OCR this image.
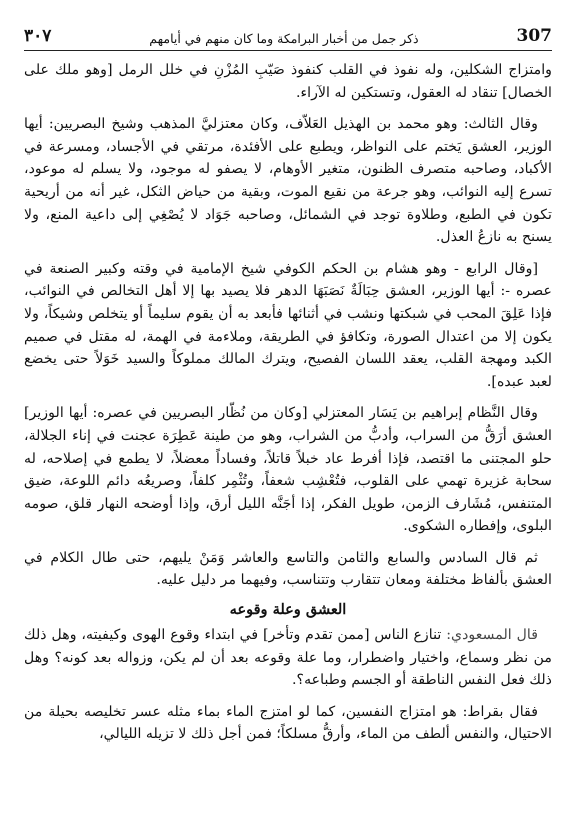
307
ذكر جمل من أخبار البرامكة وما كان منهم في أيامهم
٣٠٧

وامتزاج الشكلين، وله نفوذ في القلب كنفوذ صَيّبِ المُزْنِ في خلل الرمل [وهو ملك على الخصال] تنقاد له العقول، وتستكين له الآراء.

وقال الثالث: وهو محمد بن الهذيل العَلاّف، وكان معتزليَّ المذهب وشيخ البصريين: أيها الوزير، العشق يَختم على النواظر، ويطبع على الأفئدة، مرتقي في الأجساد، ومسرعة في الأكباد، وصاحبه متصرف الظنون، متغير الأوهام، لا يصفو له موجود، ولا يسلم له موعود، تسرع إليه النوائب، وهو جرعة من نقيع الموت، وبقية من حياض الثكل، غير أنه من أريحية تكون في الطبع، وطلاوة توجد في الشمائل، وصاحبه جَوَاد لا يُصْغِي إلى داعية المنع، ولا يسنح به نازعُ العذل.

[وقال الرابع - وهو هشام بن الحكم الكوفي شيخ الإمامية في وقته وكبير الصنعة في عصره -: أيها الوزير، العشق حِبَالَةٌ نَصَبَهَا الدهر فلا يصيد بها إلا أهل التخالص في النوائب، فإذا عَلِقَ المحب في شبكتها ونشب في أثنائها فأبعد به أن يقوم سليماً أو يتخلص وشيكاً، ولا يكون إلا من اعتدال الصورة، وتكافؤ في الطريقة، وملاءمة في الهمة، له مقتل في صميم الكبد ومهجة القلب، يعقد اللسان الفصيح، ويترك المالك مملوكاً والسيد خَوَلاً حتى يخضع لعبد عبده].

وقال النَّظام إبراهيم بن يَسَار المعتزلي [وكان من نُظّار البصريين في عصره: أيها الوزير] العشق أرَقُّ من السراب، وأدبُّ من الشراب، وهو من طينة عَطِرَة عجنت في إناء الجلالة، حلو المجتنى ما اقتصد، فإذا أفرط عاد خبلاً قاتلاً، وفساداً معضلاً، لا يطمع في إصلاحه، له سحابة غزيرة تهمي على القلوب، فتُعْشِب شعفاً، وتُثْمِر كلفاً، وصريعُه دائم اللوعة، ضيق المتنفس، مُشَارف الزمن، طويل الفكر، إذا أجَنَّه الليل أرق، وإذا أوضحه النهار قلق، صومه البلوى، وإفطاره الشكوى.

ثم قال السادس والسابع والثامن والتاسع والعاشر وَمَنْ يليهم، حتى طال الكلام في العشق بألفاظ مختلفة ومعان تتقارب وتتناسب، وفيهما مر دليل عليه.

العشق وعلة وقوعه

قال المسعودي: تنازع الناس [ممن تقدم وتأخر] في ابتداء وقوع الهوى وكيفيته، وهل ذلك من نظر وسماع، واختيار واضطرار، وما علة وقوعه بعد أن لم يكن، وزواله بعد كونه؟ وهل ذلك فعل النفس الناطقة أو الجسم وطباعه؟.

فقال بقراط: هو امتزاج النفسين، كما لو امتزج الماء بماء مثله عسر تخليصه بحيلة من الاحتيال، والنفس ألطف من الماء، وأرقُّ مسلكاً؛ فمن أجل ذلك لا تزيله الليالي،
